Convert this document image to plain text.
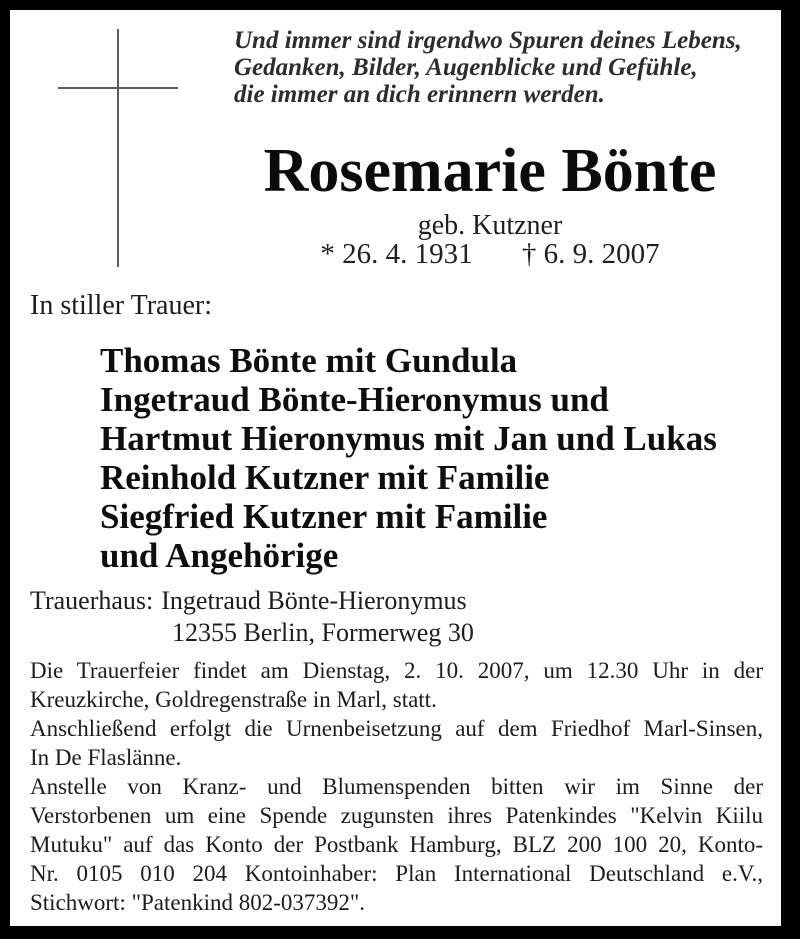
Und immer sind irgendwo Spuren deines Lebens,
Gedanken, Bilder, Augenblicke und Gefühle,
die immer an dich erinnern werden.
Rosemarie Bönte
geb. Kutzner
* 26. 4. 1931 † 6. 9. 2007
In stiller Trauer:
Thomas Bönte mit Gundula
Ingetraud Bönte-Hieronymus und
Hartmut Hieronymus mit Jan und Lukas
Reinhold Kutzner mit Familie
Siegfried Kutzner mit Familie
und Angehörige
Trauerhaus: Ingetraud Bönte-Hieronymus
12355 Berlin, Formerweg 30
Die Trauerfeier findet am Dienstag, 2. 10. 2007, um 12.30 Uhr in der
Kreuzkirche, Goldregenstraße in Marl, statt.
Anschließend erfolgt die Urnenbeisetzung auf dem Friedhof Marl-Sinsen,
In De Flaslänne.
Anstelle von Kranz- und Blumenspenden bitten wir im Sinne der
Verstorbenen um eine Spende zugunsten ihres Patenkindes "Kelvin Kiilu
Mutuku" auf das Konto der Postbank Hamburg, BLZ 200 100 20, Konto-
Nr. 0105 010 204 Kontoinhaber: Plan International Deutschland e.V.,
Stichwort: "Patenkind 802-037392".
